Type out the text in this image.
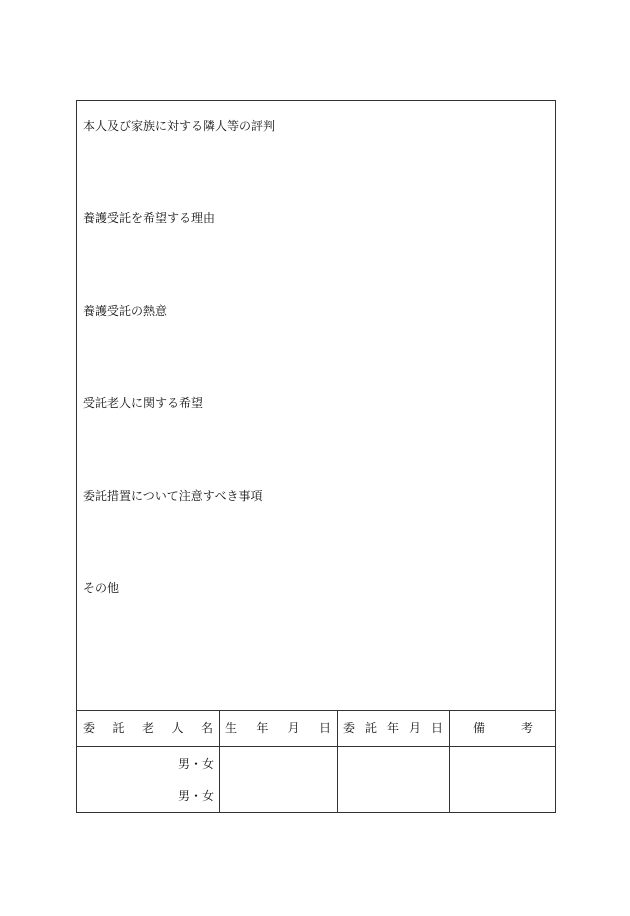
本人及び家族に対する隣人等の評判
養護受託を希望する理由
養護受託の熱意
受託老人に関する希望
委託措置について注意すべき事項
その他
委 託 老 人 名 生 年 月 日 委 託 年 月 日	備	考
男・女
男・女
